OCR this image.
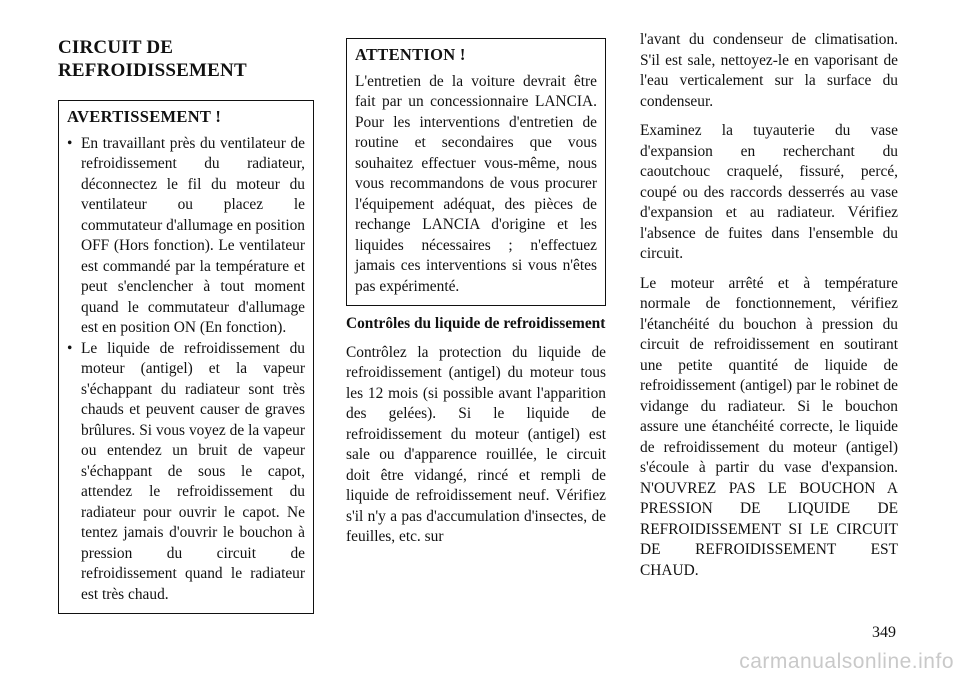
CIRCUIT DE
REFROIDISSEMENT
AVERTISSEMENT !
• En travaillant près du ventilateur de refroidissement du radiateur, déconnectez le fil du moteur du ventilateur ou placez le commutateur d'allumage en position OFF (Hors fonction). Le ventilateur est commandé par la température et peut s'enclencher à tout moment quand le commutateur d'allumage est en position ON (En fonction).
• Le liquide de refroidissement du moteur (antigel) et la vapeur s'échappant du radiateur sont très chauds et peuvent causer de graves brûlures. Si vous voyez de la vapeur ou entendez un bruit de vapeur s'échappant de sous le capot, attendez le refroidissement du radiateur pour ouvrir le capot. Ne tentez jamais d'ouvrir le bouchon à pression du circuit de refroidissement quand le radiateur est très chaud.
ATTENTION !

L'entretien de la voiture devrait être fait par un concessionnaire LANCIA. Pour les interventions d'entretien de routine et secondaires que vous souhaitez effectuer vous-même, nous vous recommandons de vous procurer l'équipement adéquat, des pièces de rechange LANCIA d'origine et les liquides nécessaires ; n'effectuez jamais ces interventions si vous n'êtes pas expérimenté.

Contrôles du liquide de refroidissement

Contrôlez la protection du liquide de refroidissement (antigel) du moteur tous les 12 mois (si possible avant l'apparition des gelées). Si le liquide de refroidissement du moteur (antigel) est sale ou d'apparence rouillée, le circuit doit être vidangé, rincé et rempli de liquide de refroidissement neuf. Vérifiez s'il n'y a pas d'accumulation d'insectes, de feuilles, etc. sur

l'avant du condenseur de climatisation. S'il est sale, nettoyez-le en vaporisant de l'eau verticalement sur la surface du condenseur.

Examinez la tuyauterie du vase d'expansion en recherchant du caoutchouc craquelé, fissuré, percé, coupé ou des raccords desserrés au vase d'expansion et au radiateur. Vérifiez l'absence de fuites dans l'ensemble du circuit.

Le moteur arrêté et à température normale de fonctionnement, vérifiez l'étanchéité du bouchon à pression du circuit de refroidissement en soutirant une petite quantité de liquide de refroidissement (antigel) par le robinet de vidange du radiateur. Si le bouchon assure une étanchéité correcte, le liquide de refroidissement du moteur (antigel) s'écoule à partir du vase d'expansion. N'OUVREZ PAS LE BOUCHON A PRESSION DE LIQUIDE DE REFROIDISSEMENT SI LE CIRCUIT DE REFROIDISSEMENT EST CHAUD.

349
carmanualsonline.info
